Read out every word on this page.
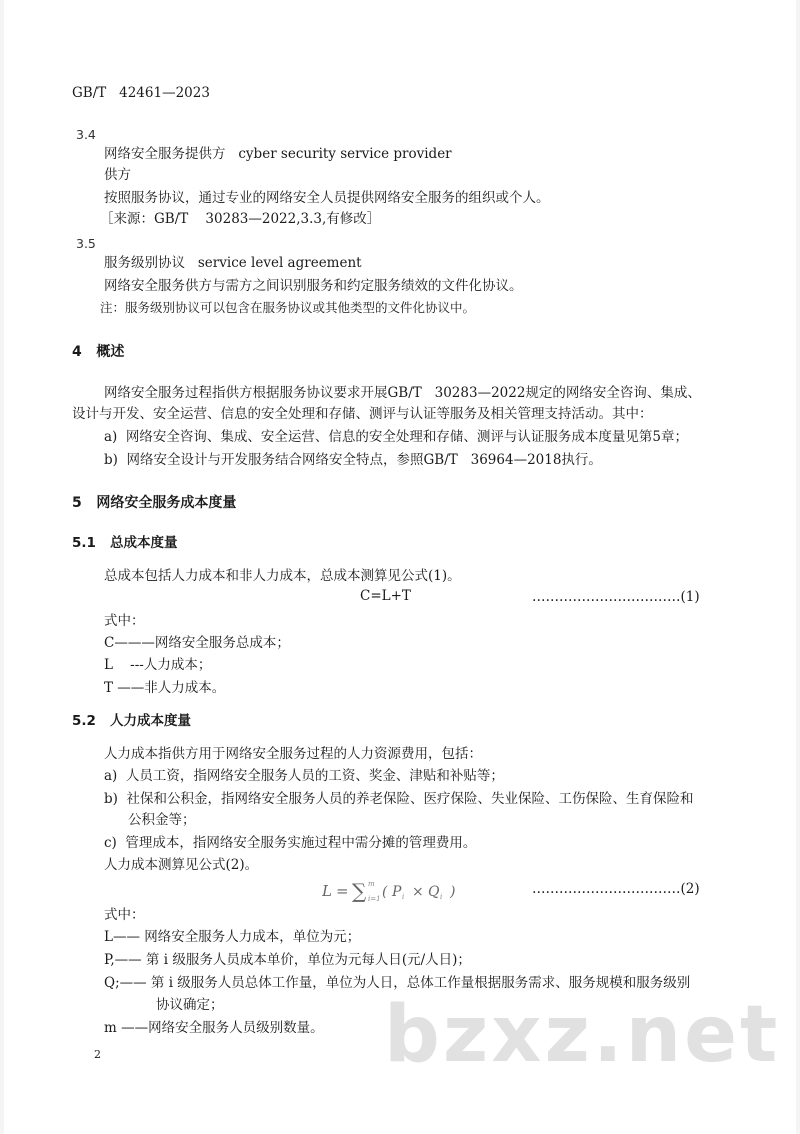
GB/T   42461—2023
3.4
网络安全服务提供方   cyber security service provider
供方
按照服务协议，通过专业的网络安全人员提供网络安全服务的组织或个人。
［来源：GB/T    30283—2022,3.3,有修改］
3.5
服务级别协议   service level agreement
网络安全服务供方与需方之间识别服务和约定服务绩效的文件化协议。
注：服务级别协议可以包含在服务协议或其他类型的文件化协议中。
4   概述
网络安全服务过程指供方根据服务协议要求开展GB/T   30283—2022规定的网络安全咨询、集成、
设计与开发、安全运营、信息的安全处理和存储、测评与认证等服务及相关管理支持活动。其中：
a)  网络安全咨询、集成、安全运营、信息的安全处理和存储、测评与认证服务成本度量见第5章；
b)  网络安全设计与开发服务结合网络安全特点，参照GB/T   36964—2018执行。
5   网络安全服务成本度量
5.1   总成本度量
总成本包括人力成本和非人力成本，总成本测算见公式(1)。
C=L+T	……………………………(1)
式中：
C———网络安全服务总成本；
L    ---人力成本；
T ——非人力成本。
5.2   人力成本度量
人力成本指供方用于网络安全服务过程的人力资源费用，包括：
a)  人员工资，指网络安全服务人员的工资、奖金、津贴和补贴等；
b)  社保和公积金，指网络安全服务人员的养老保险、医疗保险、失业保险、工伤保险、生育保险和
公积金等；
c)  管理成本，指网络安全服务实施过程中需分摊的管理费用。
人力成本测算见公式(2)。
L = ∑ m
i=1 ( P i × Q i )	……………………………(2)
式中：
L—— 网络安全服务人力成本，单位为元；
P,—— 第 i 级服务人员成本单价，单位为元每人日(元/人日)；
Q;—— 第 i 级服务人员总体工作量，单位为人日，总体工作量根据服务需求、服务规模和服务级别
协议确定；
m ——网络安全服务人员级别数量。
2	bzxz.net
